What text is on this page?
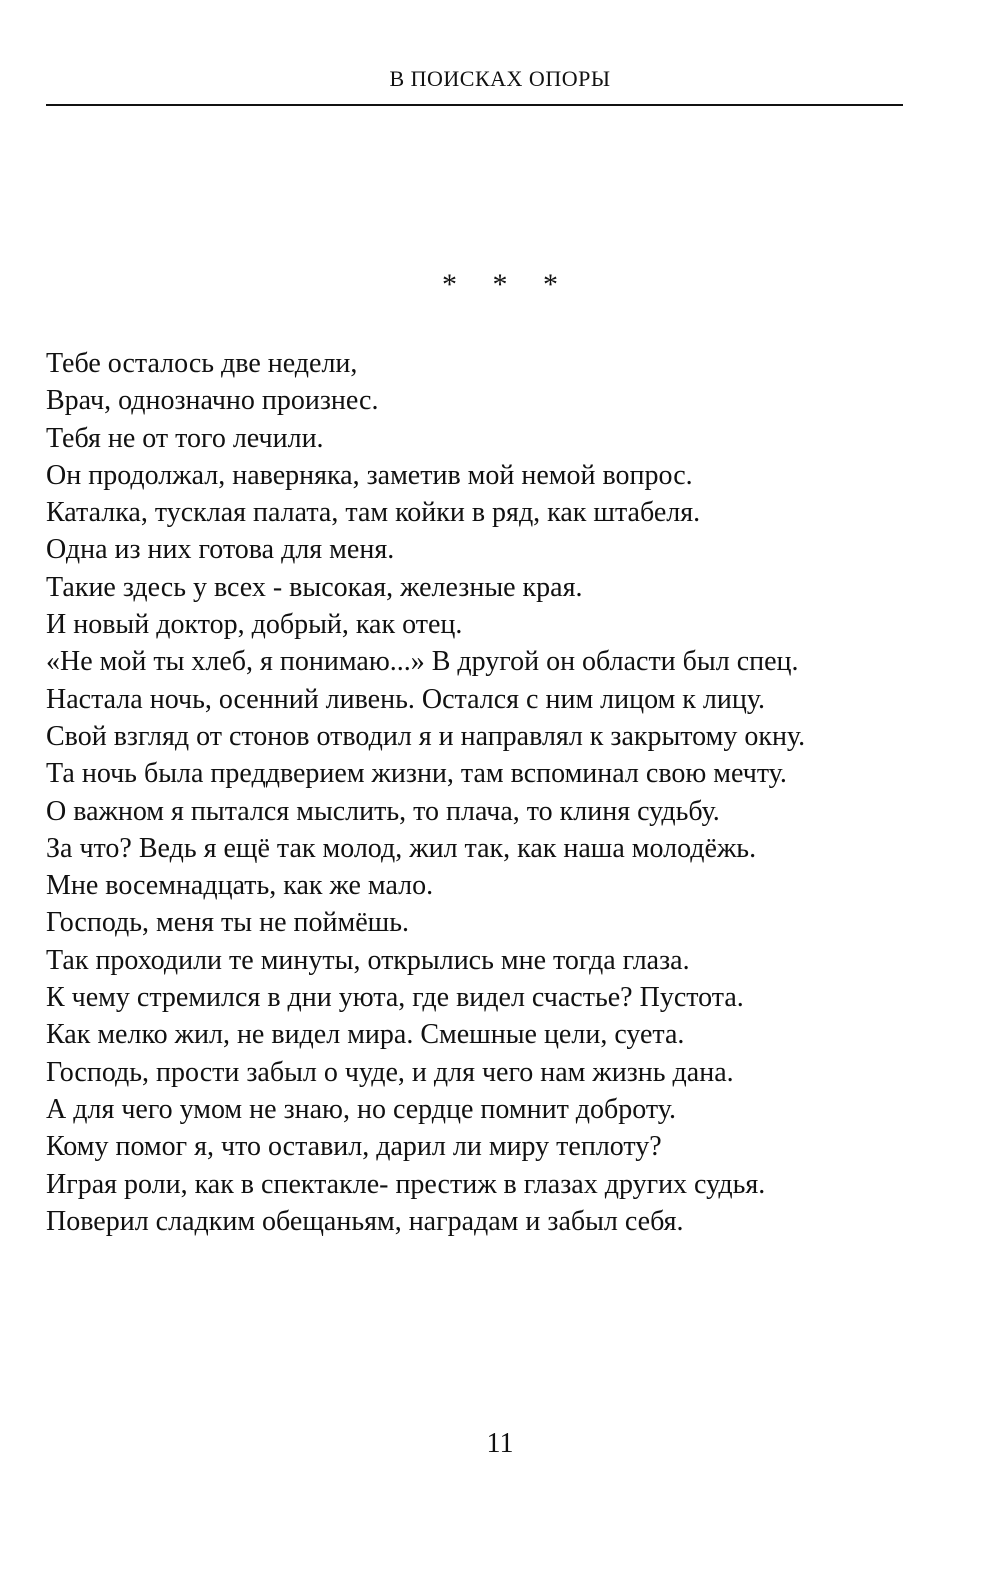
В ПОИСКАХ ОПОРЫ
* * *
Тебе осталось две недели,
Врач, однозначно произнес.
Тебя не от того лечили.
Он продолжал, наверняка, заметив мой немой вопрос.
Каталка, тусклая палата, там койки в ряд, как штабеля.
Одна из них готова для меня.
Такие здесь у всех - высокая, железные края.
И новый доктор, добрый, как отец.
«Не мой ты хлеб, я понимаю...» В другой он области был спец.
Настала ночь, осенний ливень. Остался с ним лицом к лицу.
Свой взгляд от стонов отводил я и направлял к закрытому окну.
Та ночь была преддверием жизни, там вспоминал свою мечту.
О важном я пытался мыслить, то плача, то клиня судьбу.
За что? Ведь я ещё так молод, жил так, как наша молодёжь.
Мне восемнадцать, как же мало.
Господь, меня ты не поймёшь.
Так проходили те минуты, открылись мне тогда глаза.
К чему стремился в дни уюта, где видел счастье? Пустота.
Как мелко жил, не видел мира. Смешные цели, суета.
Господь, прости забыл о чуде, и для чего нам жизнь дана.
А для чего умом не знаю, но сердце помнит доброту.
Кому помог я, что оставил, дарил ли миру теплоту?
Играя роли, как в спектакле- престиж в глазах других судья.
Поверил сладким обещаньям, наградам и забыл себя.
11
